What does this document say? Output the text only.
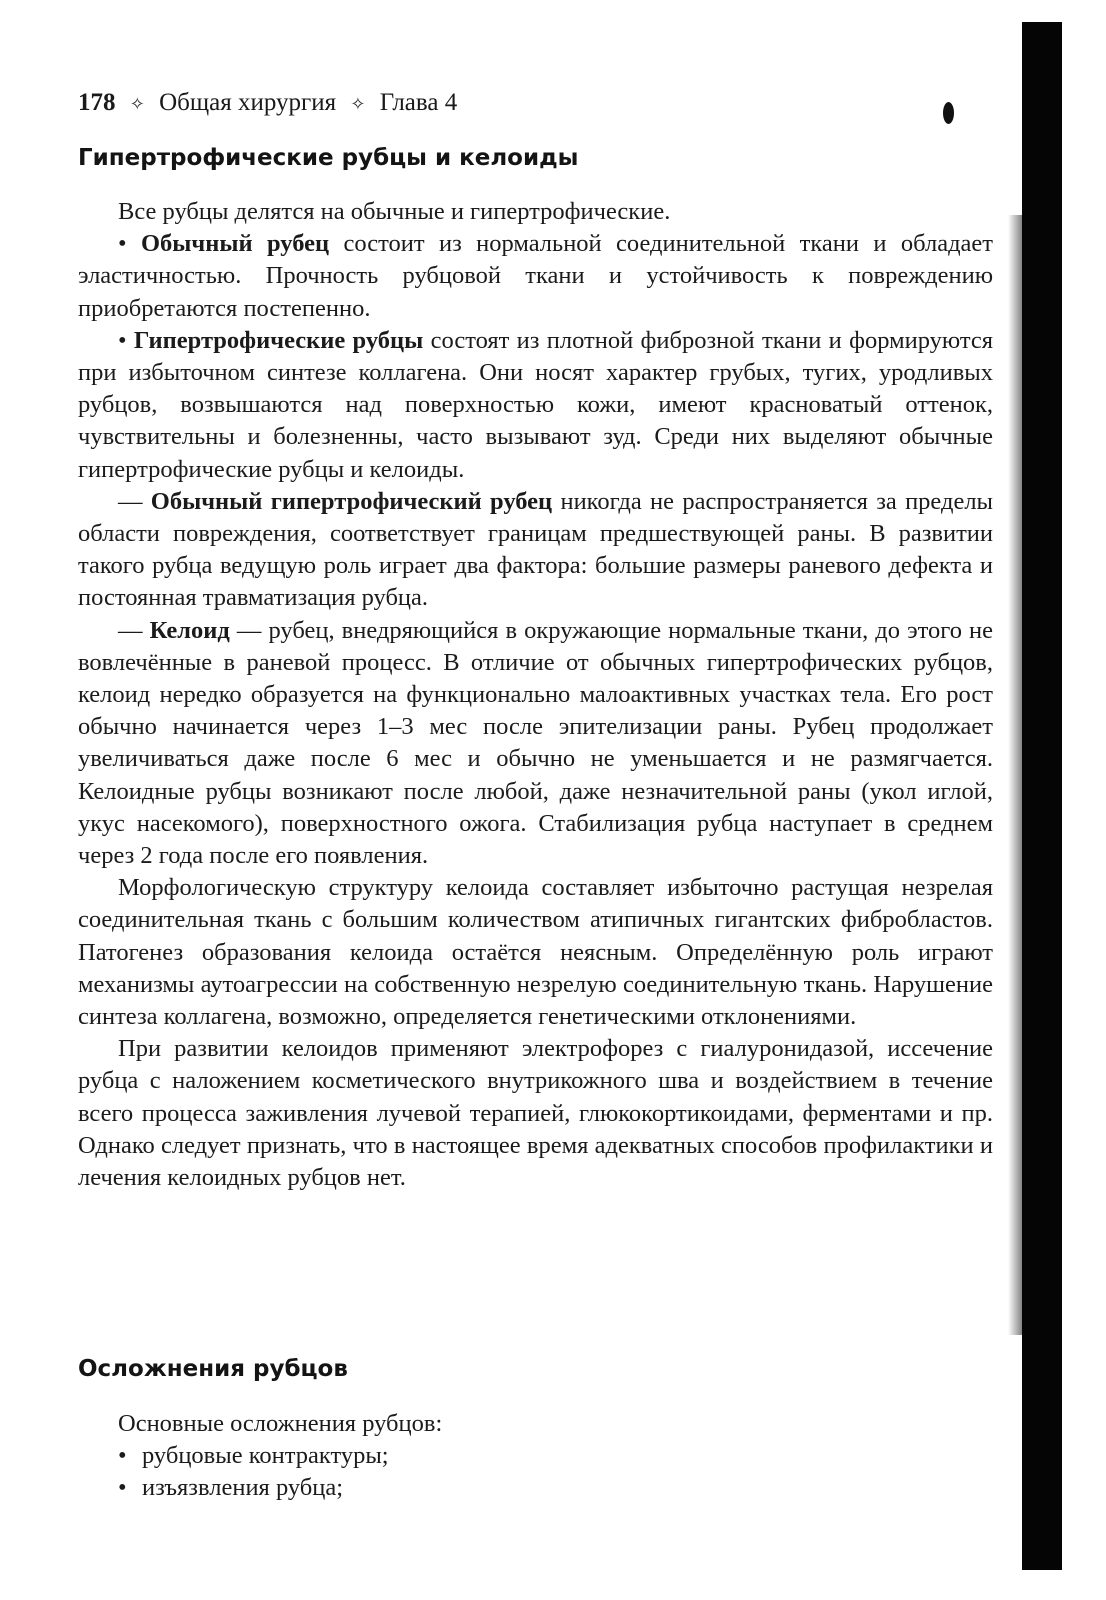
178 ✧ Общая хирургия ✧ Глава 4
Гипертрофические рубцы и келоиды

Все рубцы делятся на обычные и гипертрофические.

• Обычный рубец состоит из нормальной соединительной ткани и обладает эластичностью. Прочность рубцовой ткани и устойчивость к повреждению приобретаются постепенно.

• Гипертрофические рубцы состоят из плотной фиброзной ткани и формируются при избыточном синтезе коллагена. Они носят характер грубых, тугих, уродливых рубцов, возвышаются над поверхностью кожи, имеют красноватый оттенок, чувствительны и болезненны, часто вызывают зуд. Среди них выделяют обычные гипертрофические рубцы и келоиды.

— Обычный гипертрофический рубец никогда не распространяется за пределы области повреждения, соответствует границам предшествующей раны. В развитии такого рубца ведущую роль играет два фактора: большие размеры раневого дефекта и постоянная травматизация рубца.

— Келоид — рубец, внедряющийся в окружающие нормальные ткани, до этого не вовлечённые в раневой процесс. В отличие от обычных гипертрофических рубцов, келоид нередко образуется на функционально малоактивных участках тела. Его рост обычно начинается через 1–3 мес после эпителизации раны. Рубец продолжает увеличиваться даже после 6 мес и обычно не уменьшается и не размягчается. Келоидные рубцы возникают после любой, даже незначительной раны (укол иглой, укус насекомого), поверхностного ожога. Стабилизация рубца наступает в среднем через 2 года после его появления.

Морфологическую структуру келоида составляет избыточно растущая незрелая соединительная ткань с большим количеством атипичных гигантских фибробластов. Патогенез образования келоида остаётся неясным. Определённую роль играют механизмы аутоагрессии на собственную незрелую соединительную ткань. Нарушение синтеза коллагена, возможно, определяется генетическими отклонениями.

При развитии келоидов применяют электрофорез с гиалуронидазой, иссечение рубца с наложением косметического внутрикожного шва и воздействием в течение всего процесса заживления лучевой терапией, глюкокортикоидами, ферментами и пр. Однако следует признать, что в настоящее время адекватных способов профилактики и лечения келоидных рубцов нет.

Осложнения рубцов

Основные осложнения рубцов:

• рубцовые контрактуры;
• изъязвления рубца;
